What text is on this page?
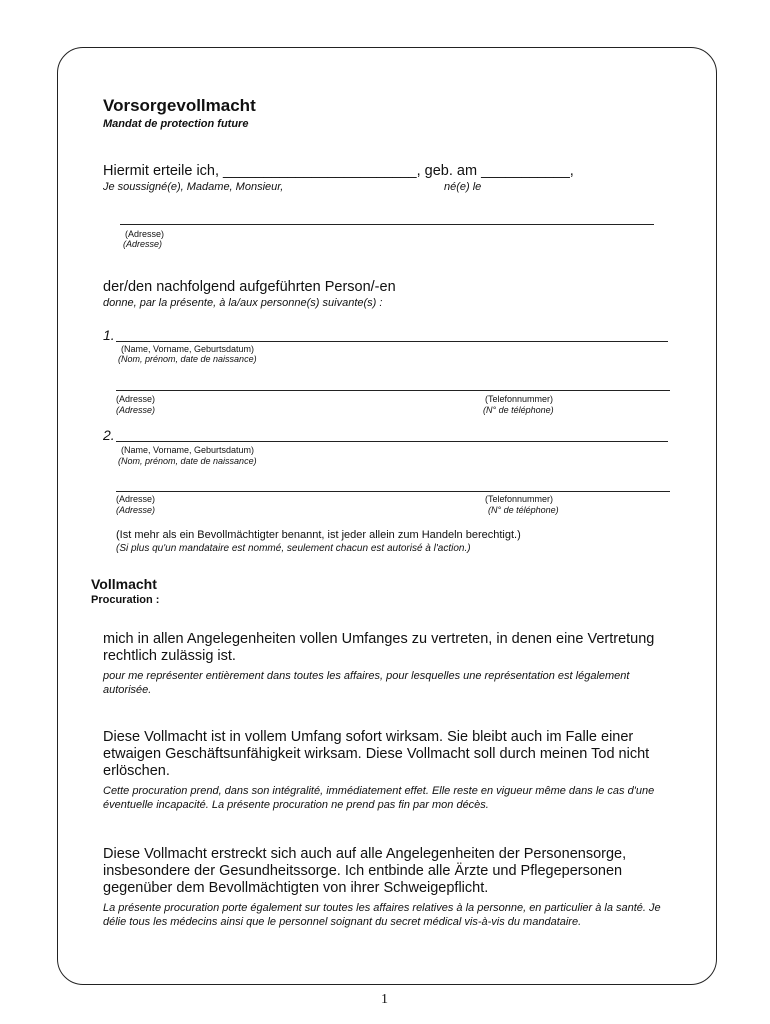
Vorsorgevollmacht
Mandat de protection future
Hiermit erteile ich, ________________________, geb. am ___________,
Je soussigné(e), Madame, Monsieur,	né(e) le
(Adresse)
(Adresse)
der/den nachfolgend aufgeführten Person/-en
donne, par la présente, à la/aux personne(s) suivante(s) :
1.
(Name, Vorname, Geburtsdatum)
(Nom, prénom, date de naissance)
(Adresse)
(Adresse)
(Telefonnummer)
(N° de téléphone)
2.
(Name, Vorname, Geburtsdatum)
(Nom, prénom, date de naissance)
(Adresse)
(Adresse)
(Telefonnummer)
(N° de téléphone)
(Ist mehr als ein Bevollmächtigter benannt, ist jeder allein zum Handeln berechtigt.)
(Si plus qu'un mandataire est nommé, seulement chacun est autorisé à l'action.)
Vollmacht
Procuration :
mich in allen Angelegenheiten vollen Umfanges zu vertreten, in denen eine Vertretung rechtlich zulässig ist.
pour me représenter entièrement dans toutes les affaires, pour lesquelles une représentation est légalement autorisée.
Diese Vollmacht ist in vollem Umfang sofort wirksam. Sie bleibt auch im Falle einer etwaigen Geschäftsunfähigkeit wirksam. Diese Vollmacht soll durch meinen Tod nicht erlöschen.
Cette procuration prend, dans son intégralité, immédiatement effet. Elle reste en vigueur même dans le cas d'une éventuelle incapacité. La présente procuration ne prend pas fin par mon décès.
Diese Vollmacht erstreckt sich auch auf alle Angelegenheiten der Personensorge, insbesondere der Gesundheitssorge. Ich entbinde alle Ärzte und Pflegepersonen gegenüber dem Bevollmächtigten von ihrer Schweigepflicht.
La présente procuration porte également sur toutes les affaires relatives à la personne, en particulier à la santé. Je délie tous les médecins ainsi que le personnel soignant du secret médical vis-à-vis du mandataire.
1
